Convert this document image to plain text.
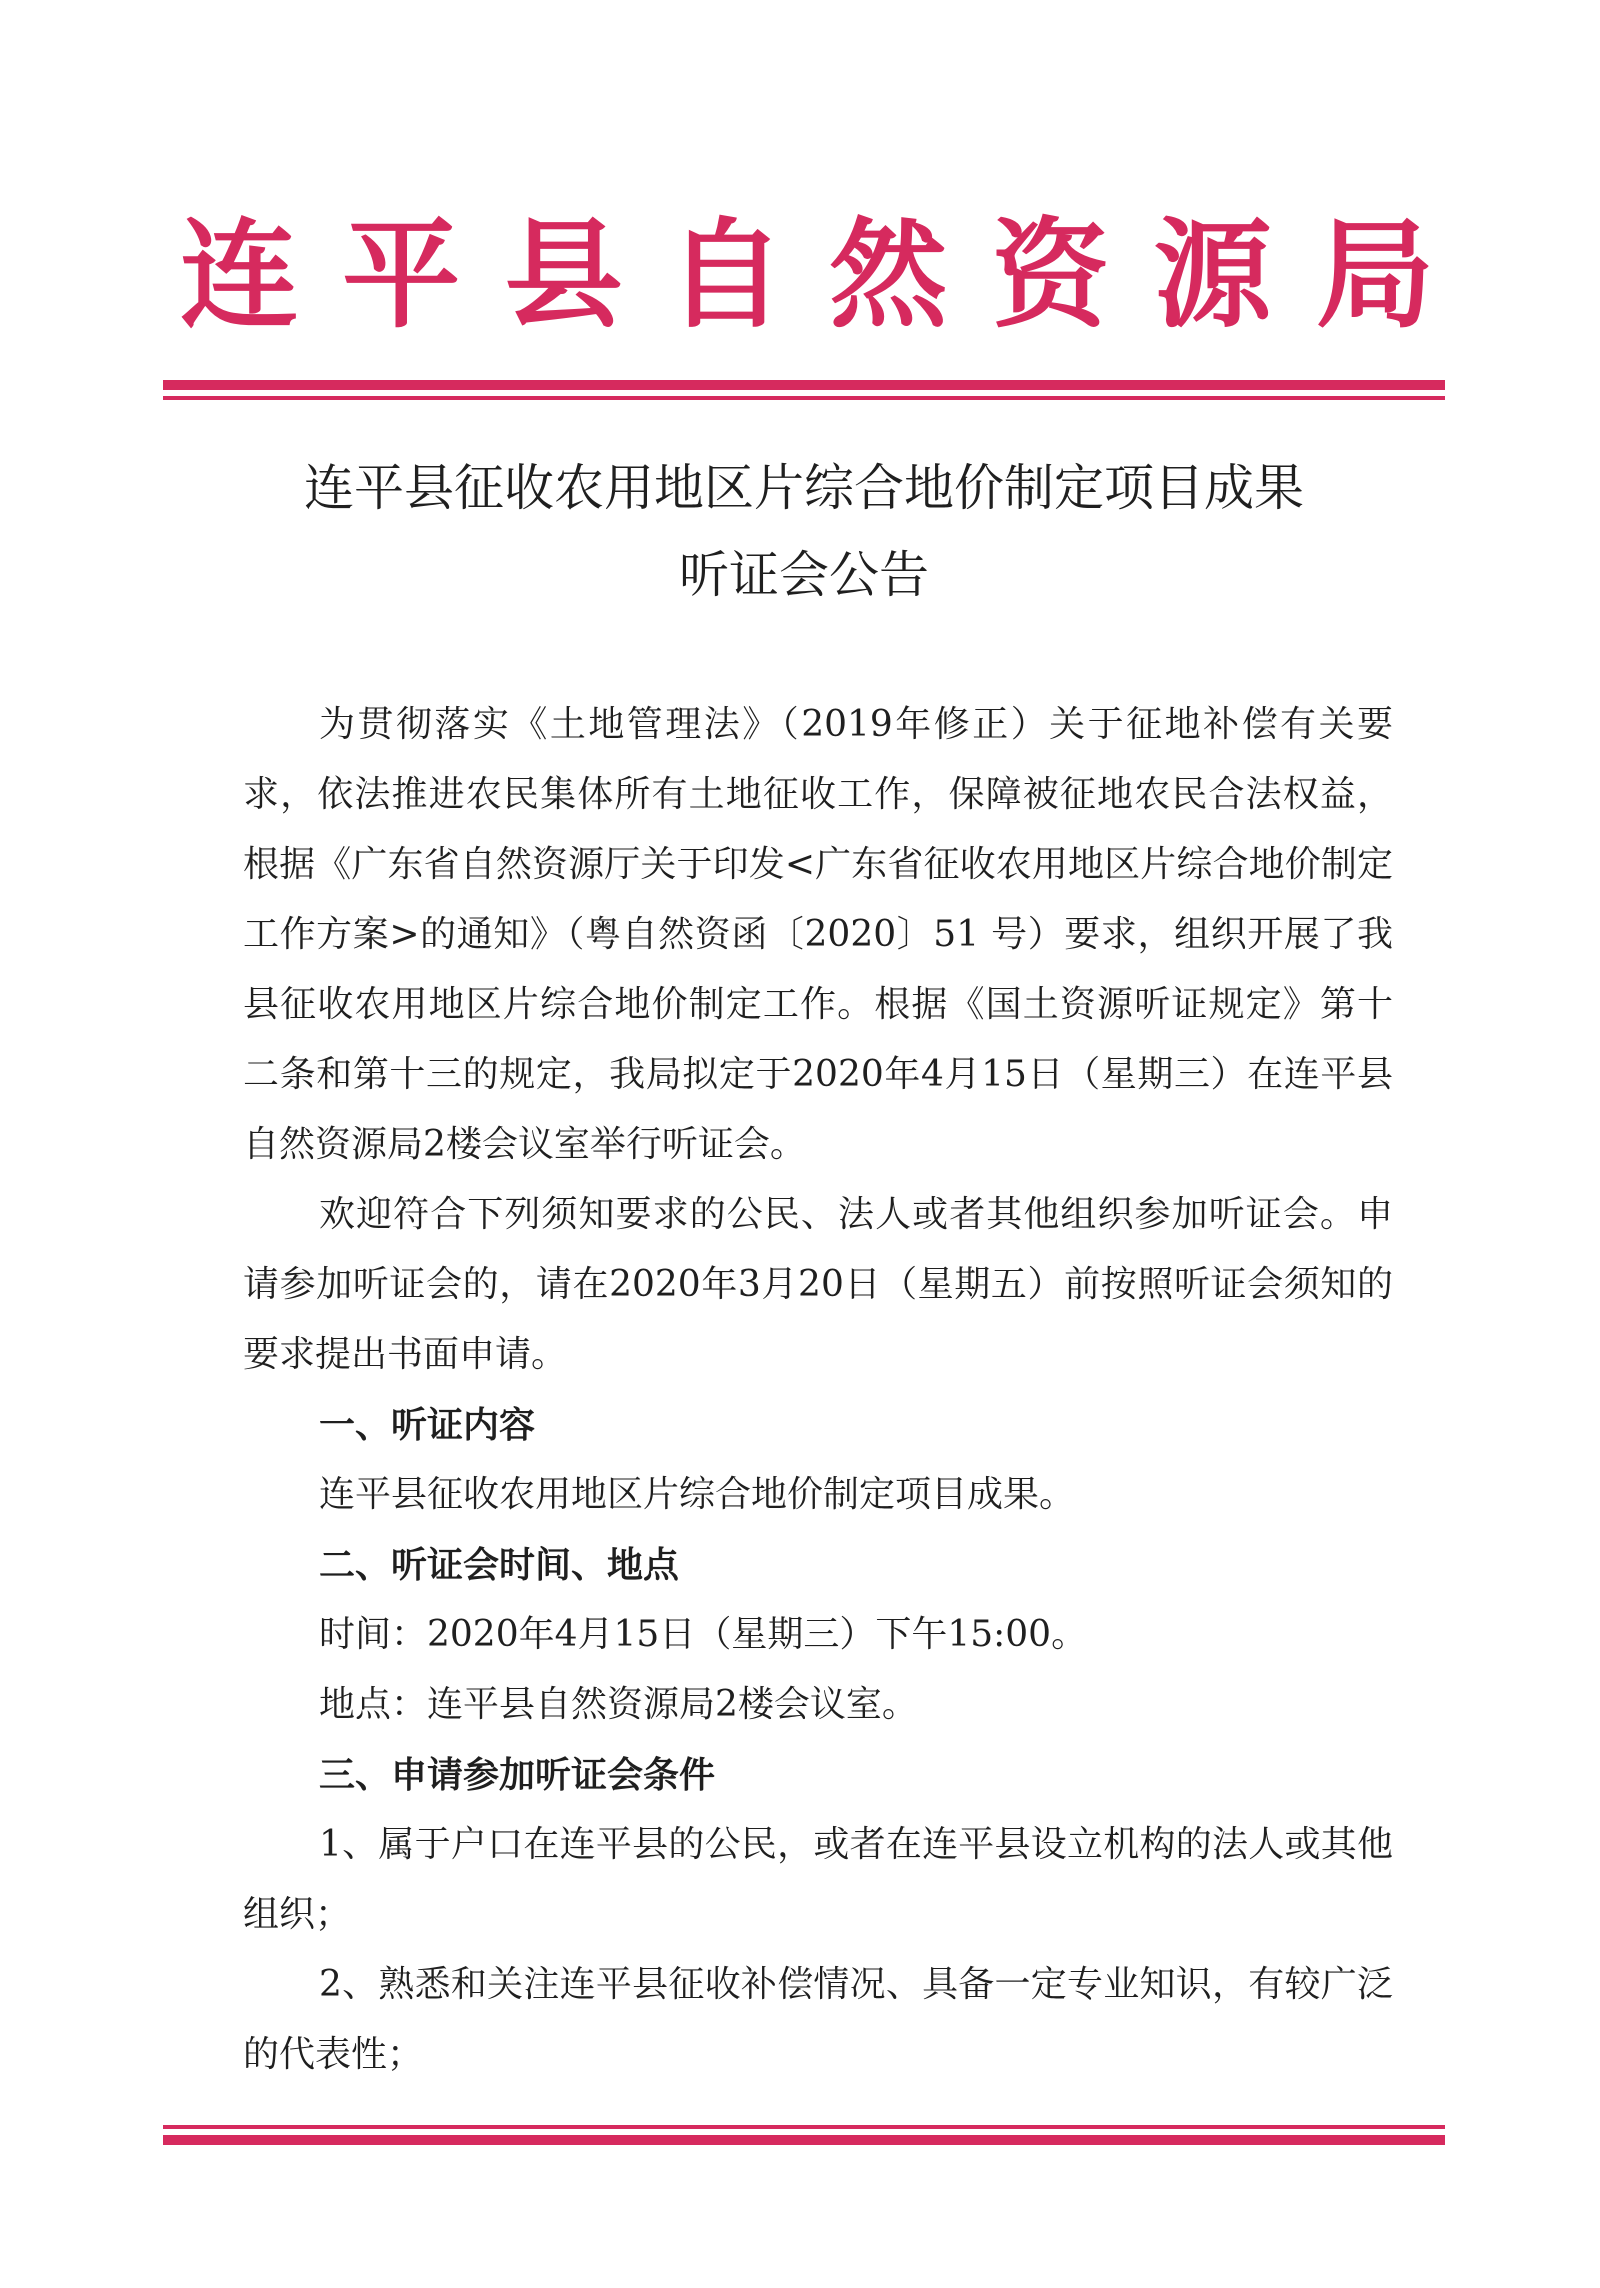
连平县自然资源局
连平县征收农用地区片综合地价制定项目成果
听证会公告

为贯彻落实《土地管理法》（2019年修正）关于征地补偿有关要求，依法推进农民集体所有土地征收工作，保障被征地农民合法权益，根据《广东省自然资源厅关于印发<广东省征收农用地区片综合地价制定工作方案>的通知》（粤自然资函〔2020〕51 号）要求，组织开展了我县征收农用地区片综合地价制定工作。根据《国土资源听证规定》第十二条和第十三的规定，我局拟定于2020年4月15日（星期三）在连平县自然资源局2楼会议室举行听证会。

欢迎符合下列须知要求的公民、法人或者其他组织参加听证会。申请参加听证会的，请在2020年3月20日（星期五）前按照听证会须知的要求提出书面申请。

一、听证内容

连平县征收农用地区片综合地价制定项目成果。

二、听证会时间、地点

时间：2020年4月15日（星期三）下午15:00。

地点：连平县自然资源局2楼会议室。

三、申请参加听证会条件

1、属于户口在连平县的公民，或者在连平县设立机构的法人或其他组织；

2、熟悉和关注连平县征收补偿情况、具备一定专业知识，有较广泛的代表性；
